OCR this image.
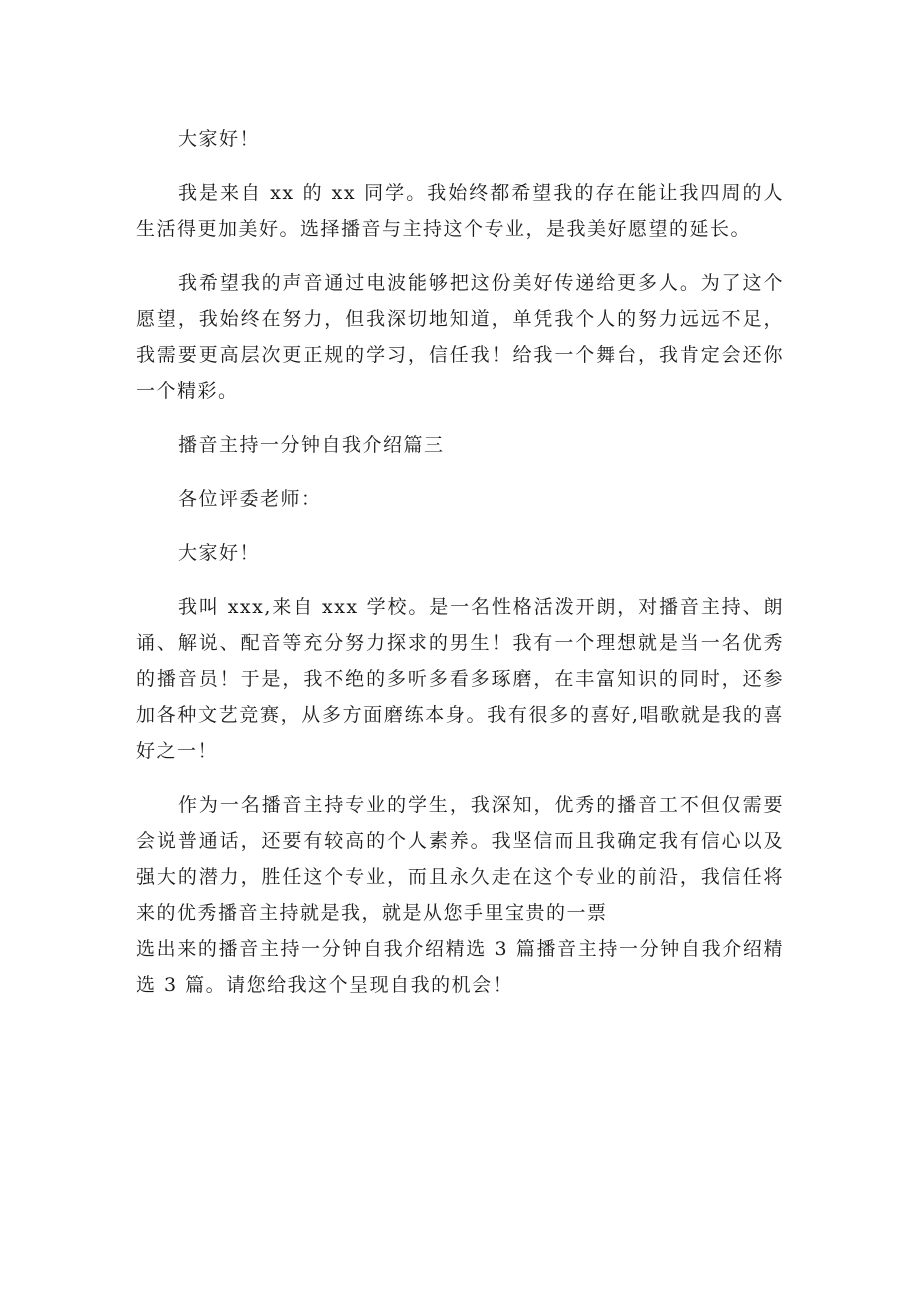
大家好！

我是来自 xx 的 xx 同学。我始终都希望我的存在能让我四周的人生活得更加美好。选择播音与主持这个专业，是我美好愿望的延长。

我希望我的声音通过电波能够把这份美好传递给更多人。为了这个愿望，我始终在努力，但我深切地知道，单凭我个人的努力远远不足，我需要更高层次更正规的学习，信任我！给我一个舞台，我肯定会还你一个精彩。

播音主持一分钟自我介绍篇三

各位评委老师：

大家好！

我叫 xxx,来自 xxx 学校。是一名性格活泼开朗，对播音主持、朗诵、解说、配音等充分努力探求的男生！我有一个理想就是当一名优秀的播音员！于是，我不绝的多听多看多琢磨，在丰富知识的同时，还参加各种文艺竞赛，从多方面磨练本身。我有很多的喜好,唱歌就是我的喜好之一！

作为一名播音主持专业的学生，我深知，优秀的播音工不但仅需要会说普通话，还要有较高的个人素养。我坚信而且我确定我有信心以及强大的潜力，胜任这个专业，而且永久走在这个专业的前沿，我信任将来的优秀播音主持就是我，就是从您手里宝贵的一票

选出来的播音主持一分钟自我介绍精选 3 篇播音主持一分钟自我介绍精选 3 篇。请您给我这个呈现自我的机会！
